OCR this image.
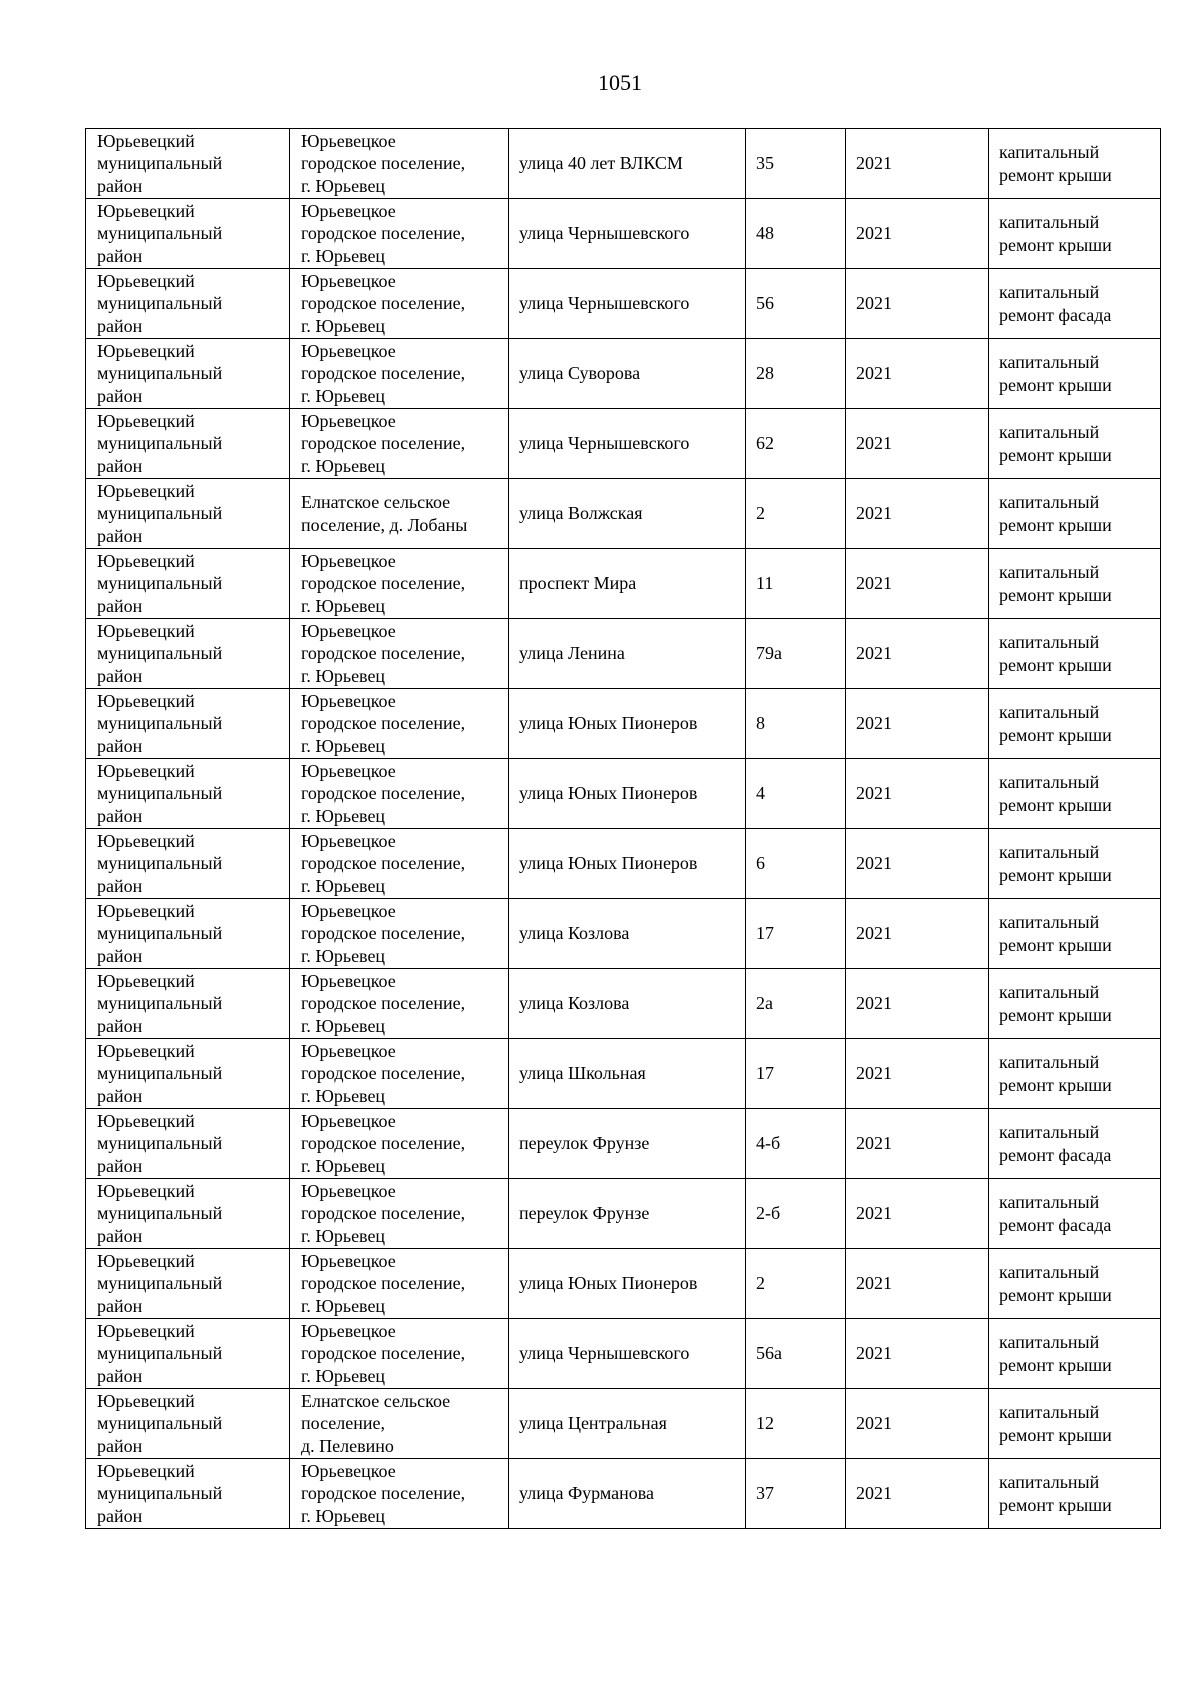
1051
Юрьевецкий
муниципальный
район	Юрьевецкое
городское поселение,
г. Юрьевец	улица 40 лет ВЛКСМ	35	2021	капитальный
ремонт крыши
Юрьевецкий
муниципальный
район	Юрьевецкое
городское поселение,
г. Юрьевец	улица Чернышевского	48	2021	капитальный
ремонт крыши
Юрьевецкий
муниципальный
район	Юрьевецкое
городское поселение,
г. Юрьевец	улица Чернышевского	56	2021	капитальный
ремонт фасада
Юрьевецкий
муниципальный
район	Юрьевецкое
городское поселение,
г. Юрьевец	улица Суворова	28	2021	капитальный
ремонт крыши
Юрьевецкий
муниципальный
район	Юрьевецкое
городское поселение,
г. Юрьевец	улица Чернышевского	62	2021	капитальный
ремонт крыши
Юрьевецкий
муниципальный
район	Елнатское сельское
поселение, д. Лобаны	улица Волжская	2	2021	капитальный
ремонт крыши
Юрьевецкий
муниципальный
район	Юрьевецкое
городское поселение,
г. Юрьевец	проспект Мира	11	2021	капитальный
ремонт крыши
Юрьевецкий
муниципальный
район	Юрьевецкое
городское поселение,
г. Юрьевец	улица Ленина	79а	2021	капитальный
ремонт крыши
Юрьевецкий
муниципальный
район	Юрьевецкое
городское поселение,
г. Юрьевец	улица Юных Пионеров	8	2021	капитальный
ремонт крыши
Юрьевецкий
муниципальный
район	Юрьевецкое
городское поселение,
г. Юрьевец	улица Юных Пионеров	4	2021	капитальный
ремонт крыши
Юрьевецкий
муниципальный
район	Юрьевецкое
городское поселение,
г. Юрьевец	улица Юных Пионеров	6	2021	капитальный
ремонт крыши
Юрьевецкий
муниципальный
район	Юрьевецкое
городское поселение,
г. Юрьевец	улица Козлова	17	2021	капитальный
ремонт крыши
Юрьевецкий
муниципальный
район	Юрьевецкое
городское поселение,
г. Юрьевец	улица Козлова	2а	2021	капитальный
ремонт крыши
Юрьевецкий
муниципальный
район	Юрьевецкое
городское поселение,
г. Юрьевец	улица Школьная	17	2021	капитальный
ремонт крыши
Юрьевецкий
муниципальный
район	Юрьевецкое
городское поселение,
г. Юрьевец	переулок Фрунзе	4-б	2021	капитальный
ремонт фасада
Юрьевецкий
муниципальный
район	Юрьевецкое
городское поселение,
г. Юрьевец	переулок Фрунзе	2-б	2021	капитальный
ремонт фасада
Юрьевецкий
муниципальный
район	Юрьевецкое
городское поселение,
г. Юрьевец	улица Юных Пионеров	2	2021	капитальный
ремонт крыши
Юрьевецкий
муниципальный
район	Юрьевецкое
городское поселение,
г. Юрьевец	улица Чернышевского	56а	2021	капитальный
ремонт крыши
Юрьевецкий
муниципальный
район	Елнатское сельское
поселение,
д. Пелевино	улица Центральная	12	2021	капитальный
ремонт крыши
Юрьевецкий
муниципальный
район	Юрьевецкое
городское поселение,
г. Юрьевец	улица Фурманова	37	2021	капитальный
ремонт крыши
